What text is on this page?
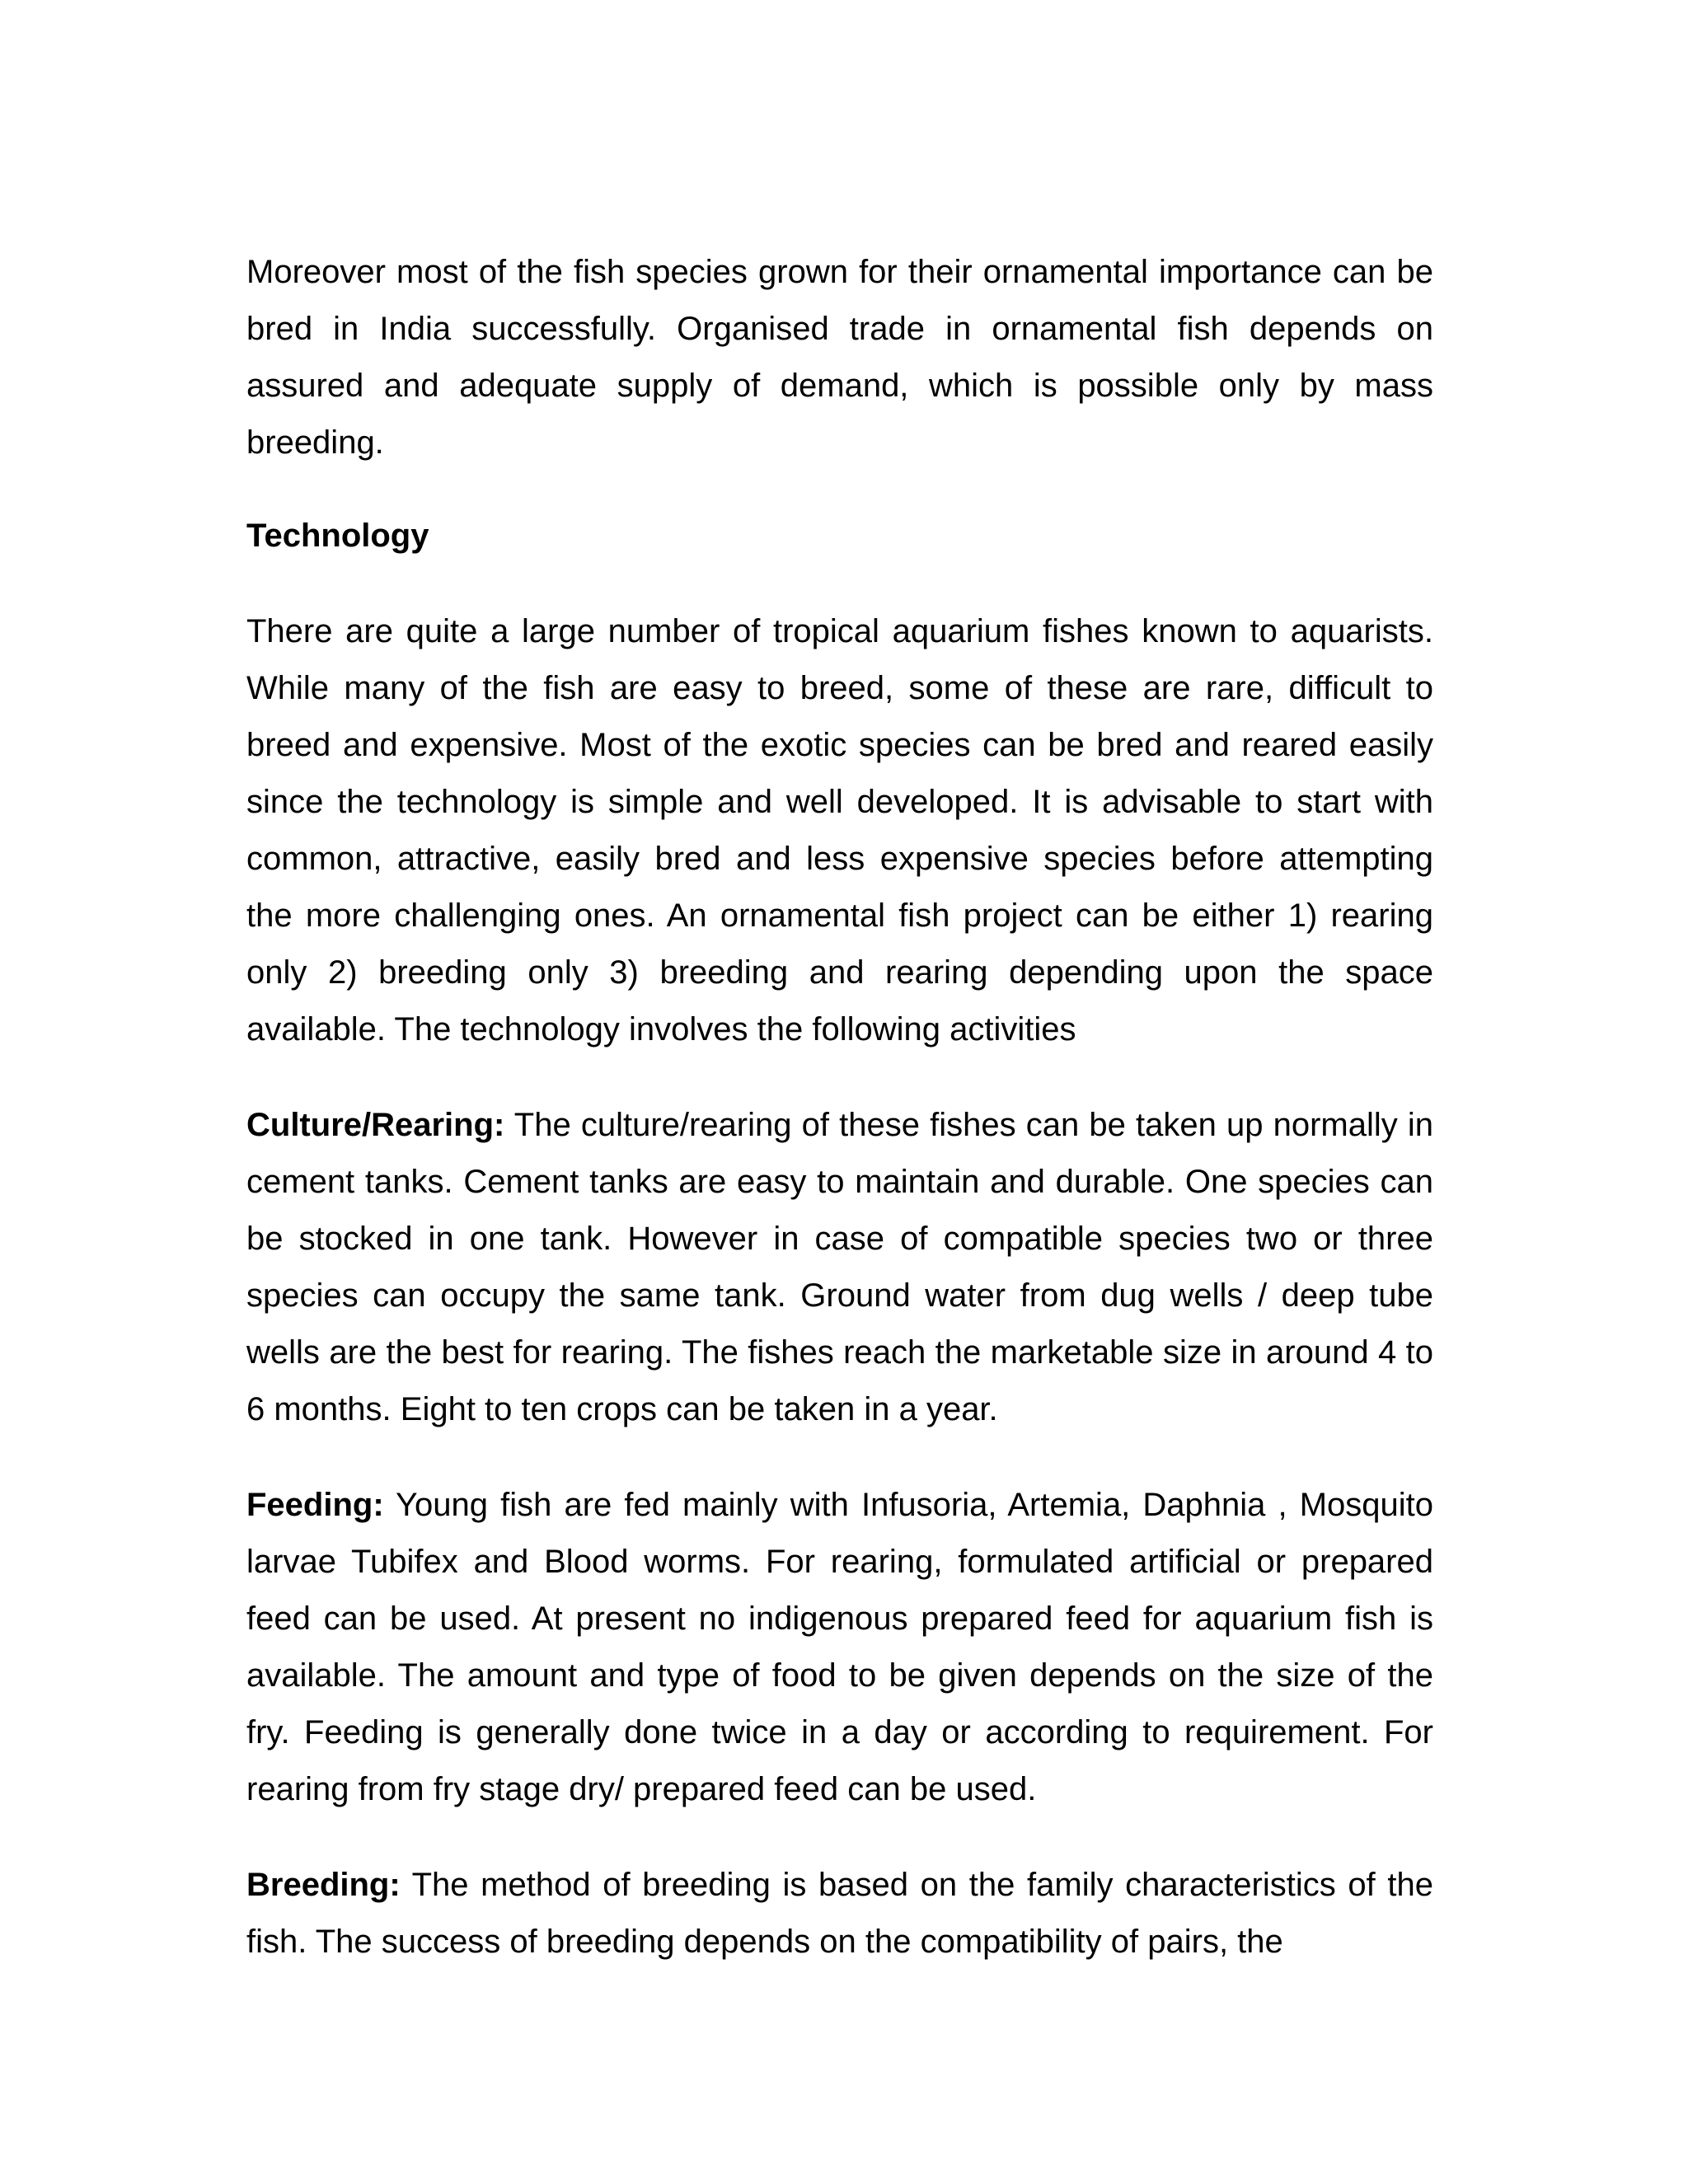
Moreover most of the fish species grown for their ornamental importance can be bred in India successfully. Organised trade in ornamental fish depends on assured and adequate supply of demand, which is possible only by mass breeding.

Technology

There are quite a large number of tropical aquarium fishes known to aquarists. While many of the fish are easy to breed, some of these are rare, difficult to breed and expensive. Most of the exotic species can be bred and reared easily since the technology is simple and well developed. It is advisable to start with common, attractive, easily bred and less expensive species before attempting the more challenging ones. An ornamental fish project can be either 1) rearing only 2) breeding only 3) breeding and rearing depending upon the space available. The technology involves the following activities

Culture/Rearing: The culture/rearing of these fishes can be taken up normally in cement tanks. Cement tanks are easy to maintain and durable. One species can be stocked in one tank. However in case of compatible species two or three species can occupy the same tank. Ground water from dug wells / deep tube wells are the best for rearing. The fishes reach the marketable size in around 4 to 6 months. Eight to ten crops can be taken in a year.

Feeding: Young fish are fed mainly with Infusoria, Artemia, Daphnia , Mosquito larvae Tubifex and Blood worms. For rearing, formulated artificial or prepared feed can be used. At present no indigenous prepared feed for aquarium fish is available. The amount and type of food to be given depends on the size of the fry. Feeding is generally done twice in a day or according to requirement. For rearing from fry stage dry/ prepared feed can be used.

Breeding: The method of breeding is based on the family characteristics of the fish. The success of breeding depends on the compatibility of pairs, the
